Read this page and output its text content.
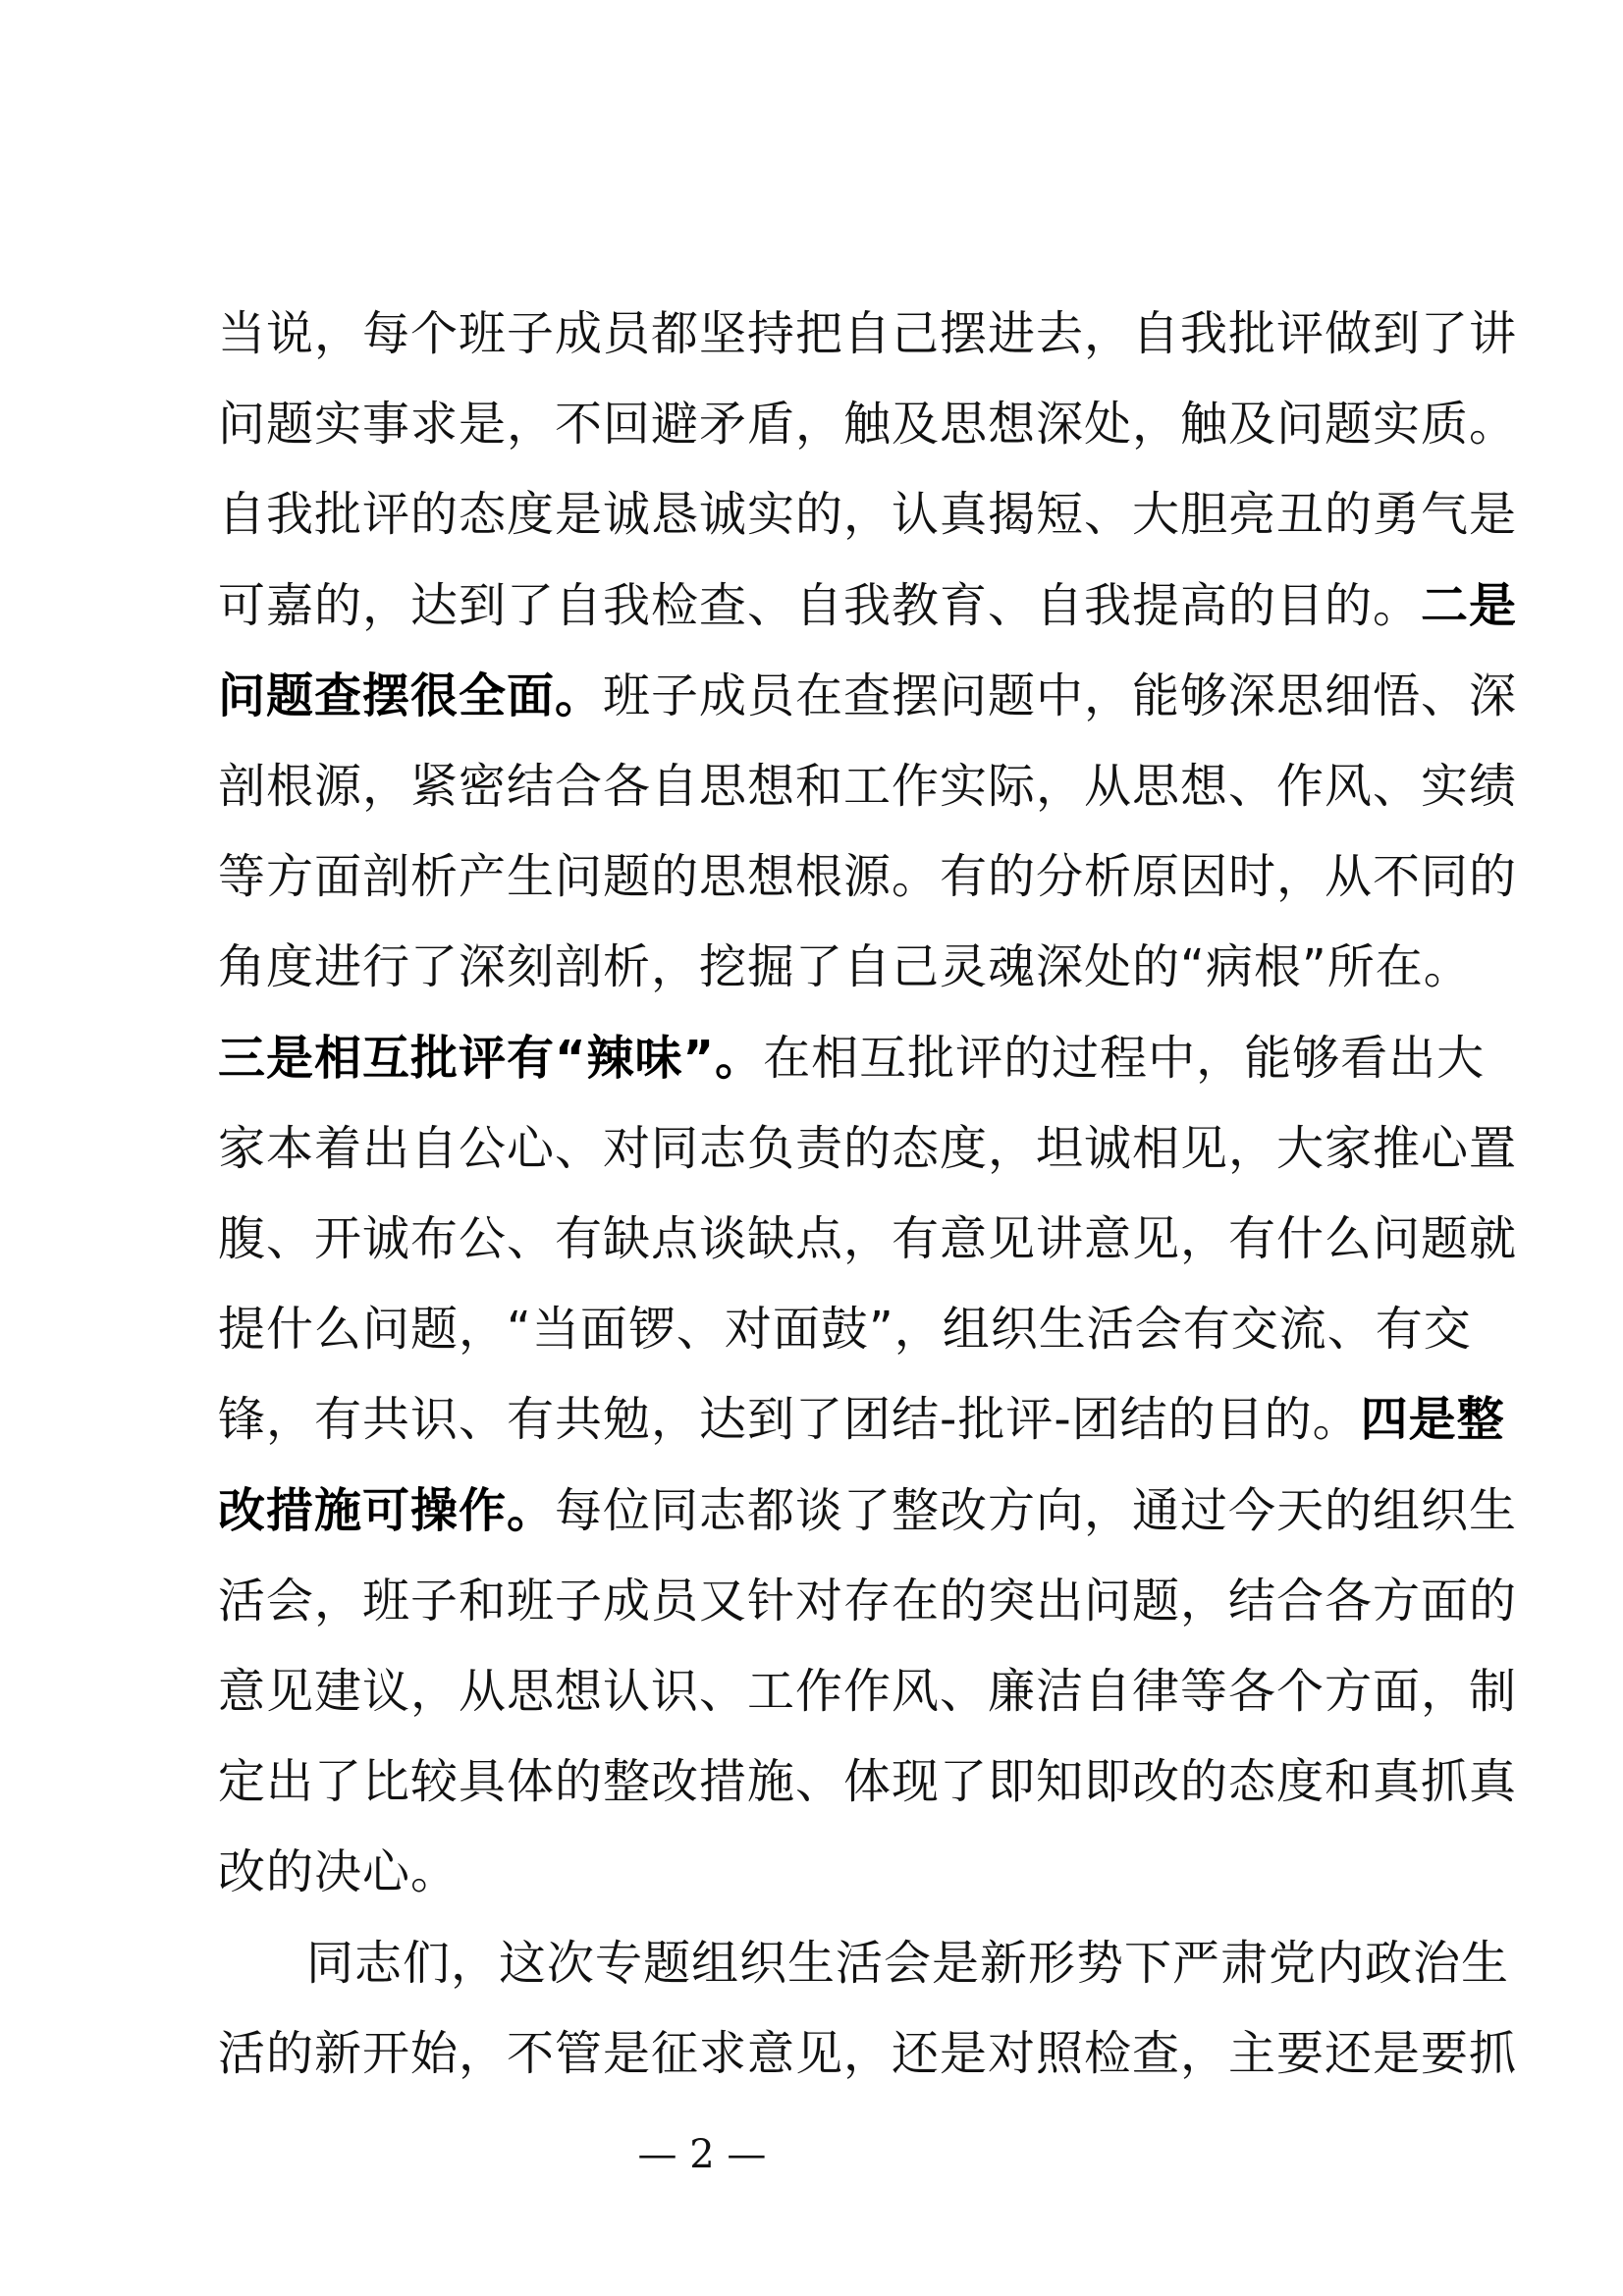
当说，每个班子成员都坚持把自己摆进去，自我批评做到了讲
问题实事求是，不回避矛盾，触及思想深处，触及问题实质。
自我批评的态度是诚恳诚实的，认真揭短、大胆亮丑的勇气是
可嘉的，达到了自我检查、自我教育、自我提高的目的。二是
问题查摆很全面。班子成员在查摆问题中，能够深思细悟、深
剖根源，紧密结合各自思想和工作实际，从思想、作风、实绩
等方面剖析产生问题的思想根源。有的分析原因时，从不同的
角度进行了深刻剖析，挖掘了自己灵魂深处的“病根”所在。
三是相互批评有“辣味”。在相互批评的过程中，能够看出大
家本着出自公心、对同志负责的态度，坦诚相见，大家推心置
腹、开诚布公、有缺点谈缺点，有意见讲意见，有什么问题就
提什么问题，“当面锣、对面鼓”，组织生活会有交流、有交
锋，有共识、有共勉，达到了团结-批评-团结的目的。四是整
改措施可操作。每位同志都谈了整改方向，通过今天的组织生
活会，班子和班子成员又针对存在的突出问题，结合各方面的
意见建议，从思想认识、工作作风、廉洁自律等各个方面，制
定出了比较具体的整改措施、体现了即知即改的态度和真抓真
改的决心。
同志们，这次专题组织生活会是新形势下严肃党内政治生
活的新开始，不管是征求意见，还是对照检查，主要还是要抓
— 2 —
